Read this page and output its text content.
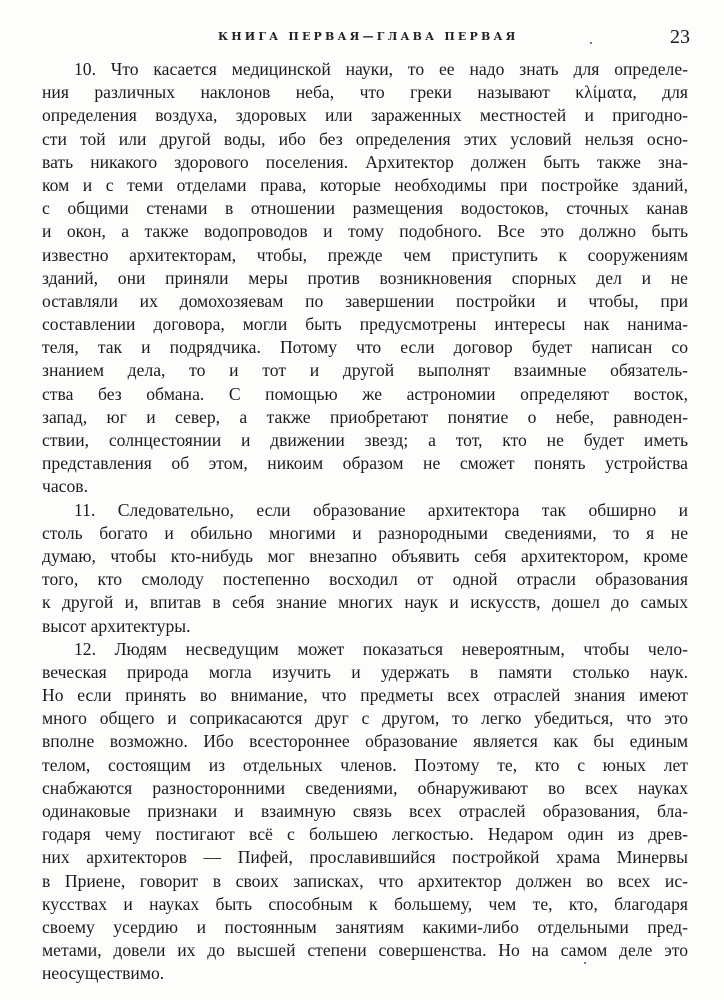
КНИГА ПЕРВАЯ—ГЛАВА ПЕРВАЯ	23
10. Что касается медицинской науки, то ее надо знать для определе-
ния различных наклонов неба, что греки называют κλίματα, для
определения воздуха, здоровых или зараженных местностей и пригодно-
сти той или другой воды, ибо без определения этих условий нельзя осно-
вать никакого здорового поселения. Архитектор должен быть также зна-
ком и с теми отделами права, которые необходимы при постройке зданий,
с общими стенами в отношении размещения водостоков, сточных канав
и окон, а также водопроводов и тому подобного. Все это должно быть
известно архитекторам, чтобы, прежде чем приступить к сооружениям
зданий, они приняли меры против возникновения спорных дел и не
оставляли их домохозяевам по завершении постройки и чтобы, при
составлении договора, могли быть предусмотрены интересы нак нанима-
теля, так и подрядчика. Потому что если договор будет написан со
знанием дела, то и тот и другой выполнят взаимные обязатель-
ства без обмана. С помощью же астрономии определяют восток,
запад, юг и север, а также приобретают понятие о небе, равноден-
ствии, солнцестоянии и движении звезд; а тот, кто не будет иметь
представления об этом, никоим образом не сможет понять устройства
часов.
11. Следовательно, если образование архитектора так обширно и
столь богато и обильно многими и разнородными сведениями, то я не
думаю, чтобы кто-нибудь мог внезапно объявить себя архитектором, кроме
того, кто смолоду постепенно восходил от одной отрасли образования
к другой и, впитав в себя знание многих наук и искусств, дошел до самых
высот архитектуры.
12. Людям несведущим может показаться невероятным, чтобы чело-
веческая природа могла изучить и удержать в памяти столько наук.
Но если принять во внимание, что предметы всех отраслей знания имеют
много общего и соприкасаются друг с другом, то легко убедиться, что это
вполне возможно. Ибо всестороннее образование является как бы единым
телом, состоящим из отдельных членов. Поэтому те, кто с юных лет
снабжаются разносторонними сведениями, обнаруживают во всех науках
одинаковые признаки и взаимную связь всех отраслей образования, бла-
годаря чему постигают всё с большею легкостью. Недаром один из древ-
них архитекторов — Пифей, прославившийся постройкой храма Минервы
в Приене, говорит в своих записках, что архитектор должен во всех ис-
кусствах и науках быть способным к большему, чем те, кто, благодаря
своему усердию и постоянным занятиям какими-либо отдельными пред-
метами, довели их до высшей степени совершенства. Но на самом деле это
неосуществимо.
